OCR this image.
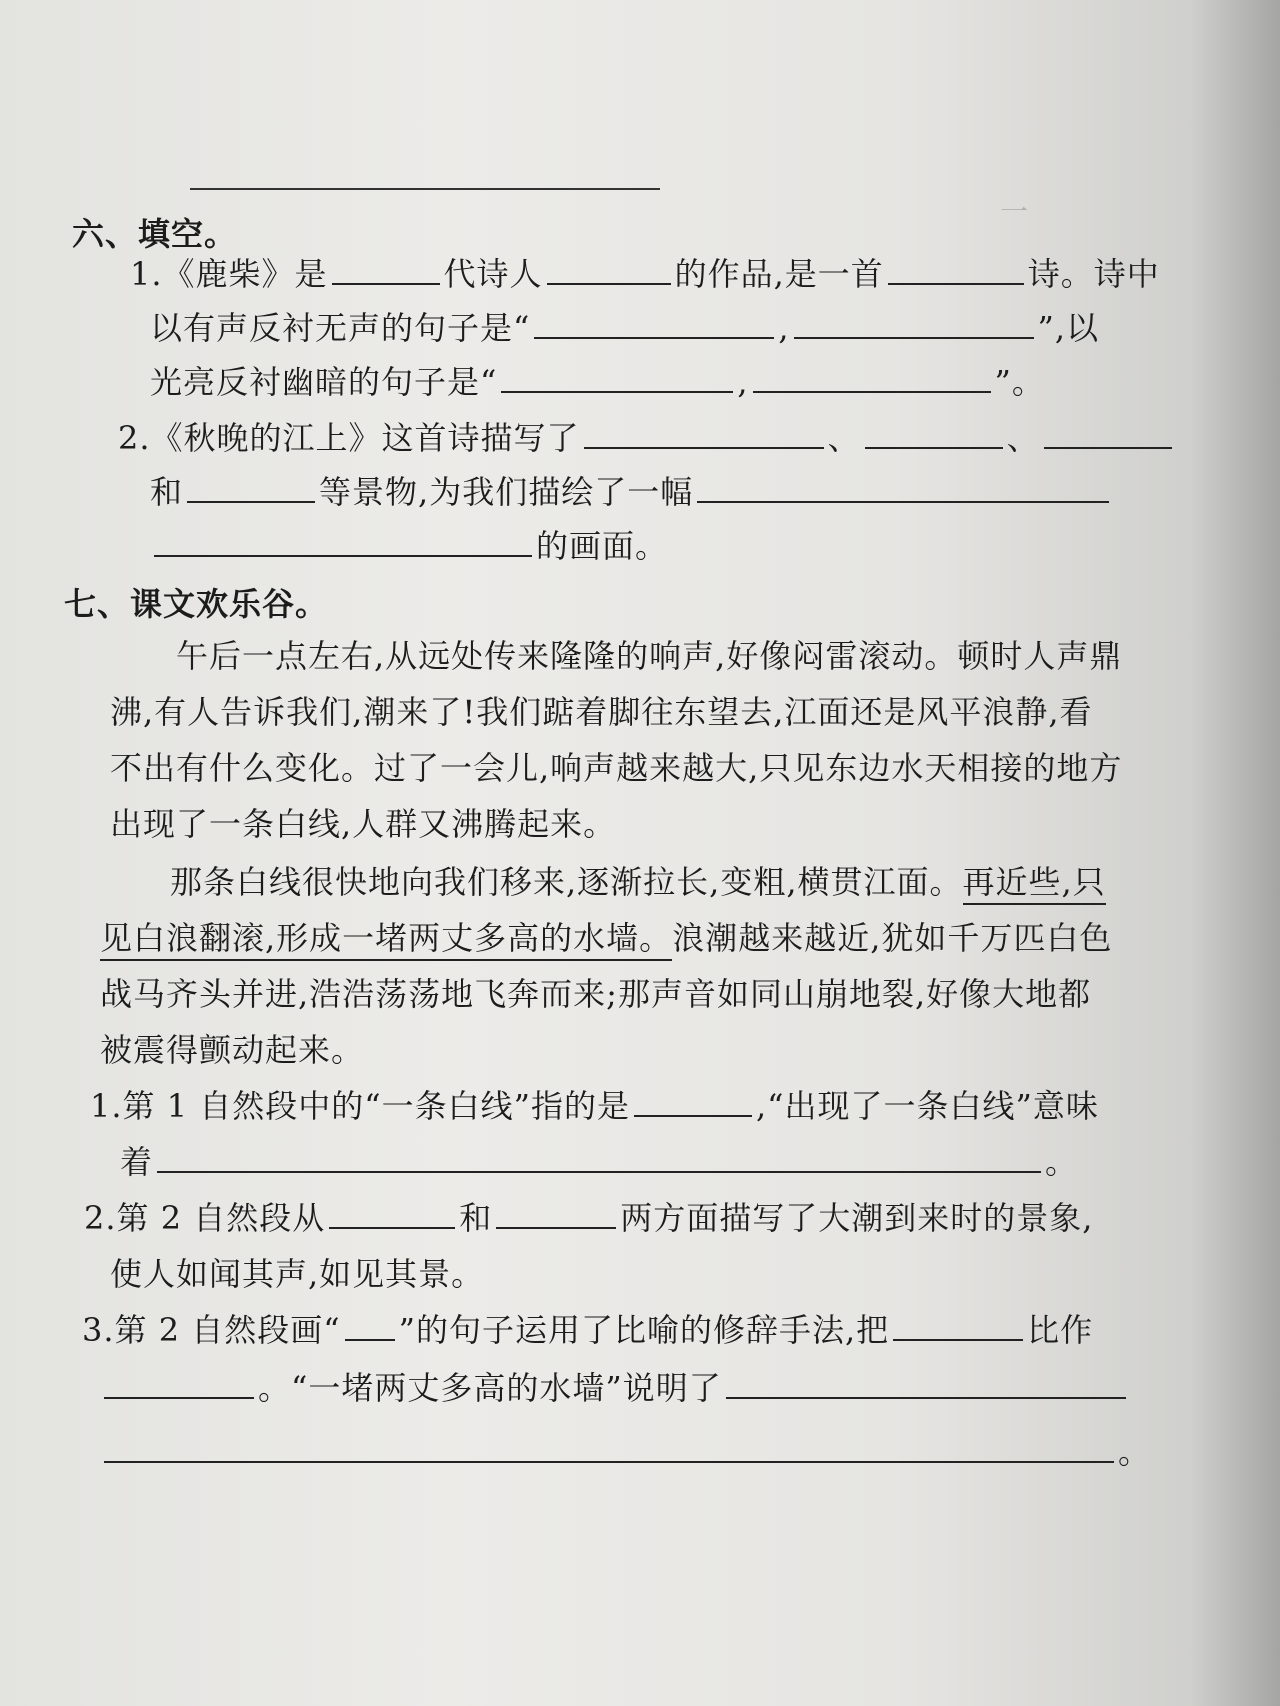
一
六、填空。
1.《鹿柴》是	代诗人	的作品,是一首	诗。诗中
以有声反衬无声的句子是“	,	”,以
光亮反衬幽暗的句子是“	,	”。
2.《秋晚的江上》这首诗描写了	、	、
和	等景物,为我们描绘了一幅
的画面。
七、课文欢乐谷。
午后一点左右,从远处传来隆隆的响声,好像闷雷滚动。顿时人声鼎
沸,有人告诉我们,潮来了!我们踮着脚往东望去,江面还是风平浪静,看
不出有什么变化。过了一会儿,响声越来越大,只见东边水天相接的地方
出现了一条白线,人群又沸腾起来。
那条白线很快地向我们移来,逐渐拉长,变粗,横贯江面。再近些,只
见白浪翻滚,形成一堵两丈多高的水墙。浪潮越来越近,犹如千万匹白色
战马齐头并进,浩浩荡荡地飞奔而来;那声音如同山崩地裂,好像大地都
被震得颤动起来。
1.第 1 自然段中的“一条白线”指的是	,“出现了一条白线”意味
着	。
2.第 2 自然段从	和	两方面描写了大潮到来时的景象,
使人如闻其声,如见其景。
3.第 2 自然段画“ ”的句子运用了比喻的修辞手法,把	比作
。“一堵两丈多高的水墙”说明了
。
